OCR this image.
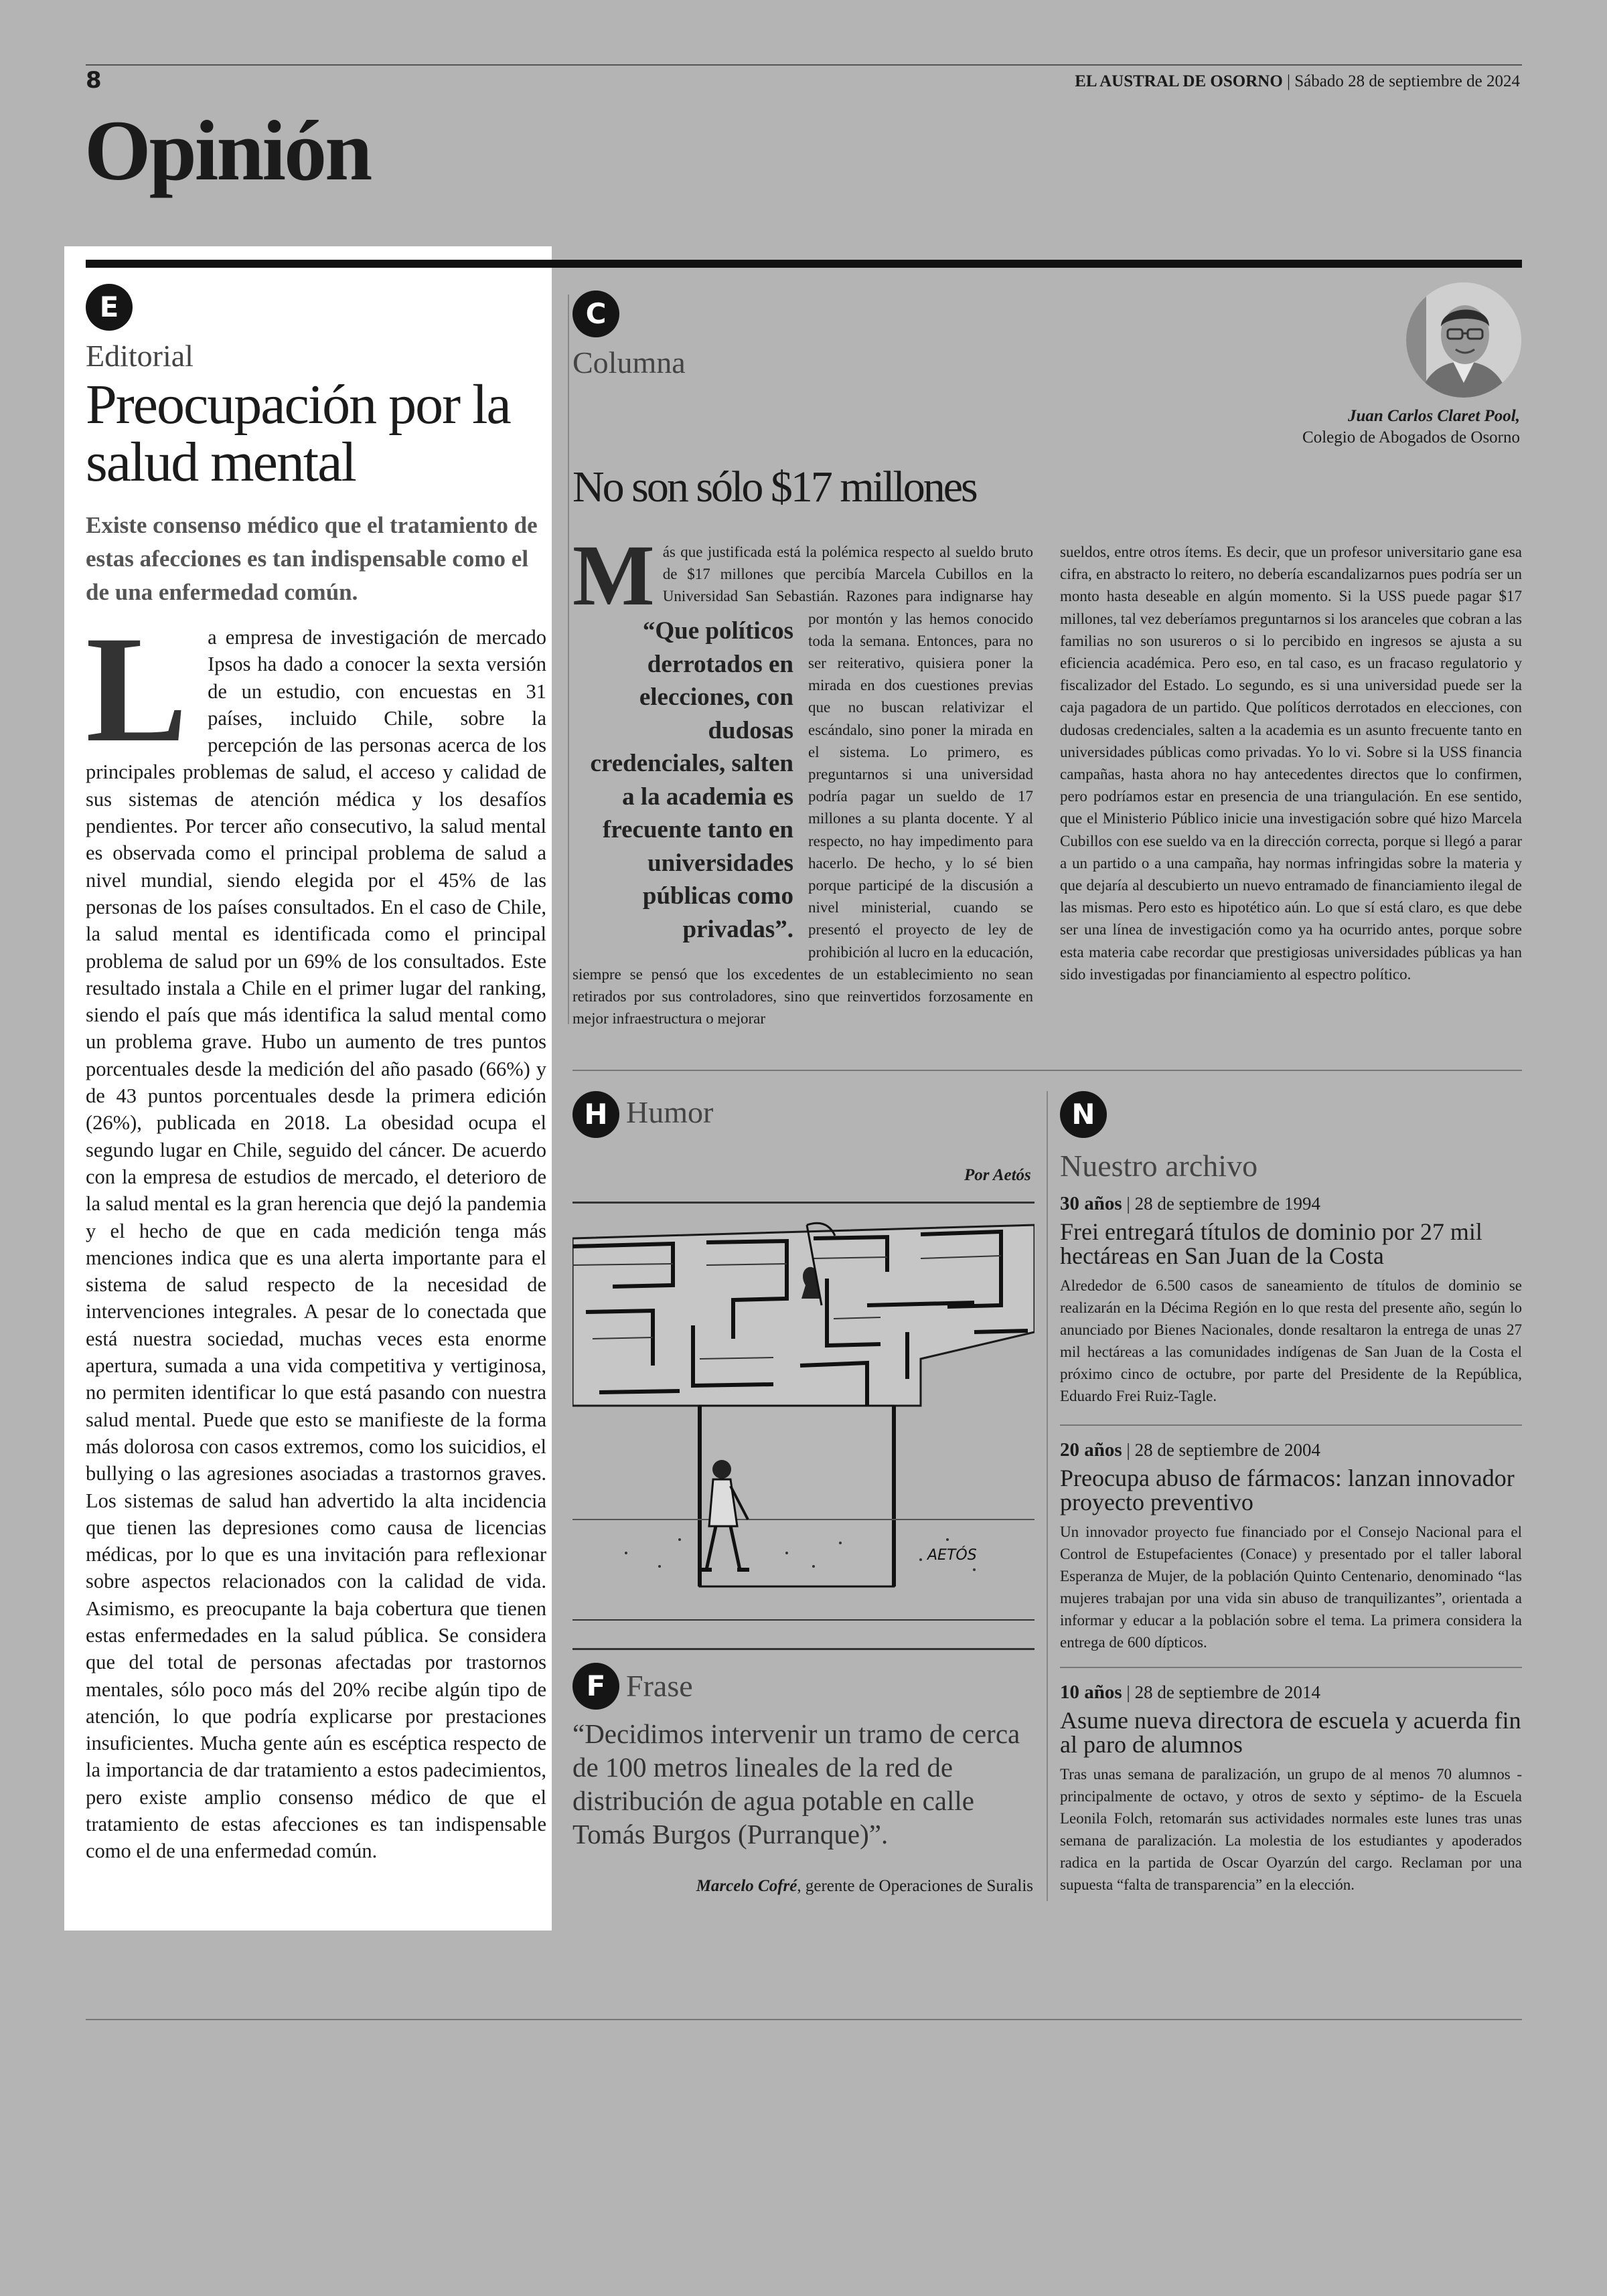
8	EL AUSTRAL DE OSORNO | Sábado 28 de septiembre de 2024
Opinión
E
Editorial
Preocupación por la salud mental
Existe consenso médico que el tratamiento de estas afecciones es tan indispensable como el de una enfermedad común.
L a empresa de investigación de mercado Ipsos ha dado a conocer la sexta versión de un estudio, con encuestas en 31 países, incluido Chile, sobre la percepción de las personas acerca de los principales problemas de salud, el acceso y calidad de sus sistemas de atención médica y los desafíos pendientes. Por tercer año consecutivo, la salud mental es observada como el principal problema de salud a nivel mundial, siendo elegida por el 45% de las personas de los países consultados. En el caso de Chile, la salud mental es identificada como el principal problema de salud por un 69% de los consultados. Este resultado instala a Chile en el primer lugar del ranking, siendo el país que más identifica la salud mental como un problema grave. Hubo un aumento de tres puntos porcentuales desde la medición del año pasado (66%) y de 43 puntos porcentuales desde la primera edición (26%), publicada en 2018. La obesidad ocupa el segundo lugar en Chile, seguido del cáncer. De acuerdo con la empresa de estudios de mercado, el deterioro de la salud mental es la gran herencia que dejó la pandemia y el hecho de que en cada medición tenga más menciones indica que es una alerta importante para el sistema de salud respecto de la necesidad de intervenciones integrales. A pesar de lo conectada que está nuestra sociedad, muchas veces esta enorme apertura, sumada a una vida competitiva y vertiginosa, no permiten identificar lo que está pasando con nuestra salud mental. Puede que esto se manifieste de la forma más dolorosa con casos extremos, como los suicidios, el bullying o las agresiones asociadas a trastornos graves. Los sistemas de salud han advertido la alta incidencia que tienen las depresiones como causa de licencias médicas, por lo que es una invitación para reflexionar sobre aspectos relacionados con la calidad de vida. Asimismo, es preocupante la baja cobertura que tienen estas enfermedades en la salud pública. Se considera que del total de personas afectadas por trastornos mentales, sólo poco más del 20% recibe algún tipo de atención, lo que podría explicarse por prestaciones insuficientes. Mucha gente aún es escéptica respecto de la importancia de dar tratamiento a estos padecimientos, pero existe amplio consenso médico de que el tratamiento de estas afecciones es tan indispensable como el de una enfermedad común.
C
Columna
Juan Carlos Claret Pool,
Colegio de Abogados de Osorno
No son sólo $17 millones
M
“Que políticos derrotados en elecciones, con dudosas credenciales, salten a la academia es frecuente tanto en universidades públicas como privadas”.
ás que justificada está la polémica respecto al sueldo bruto de $17 millones que percibía Marcela Cubillos en la Universidad San Sebastián. Razones para indignarse hay por montón y las hemos conocido toda la semana. Entonces, para no ser reiterativo, quisiera poner la mirada en dos cuestiones previas que no buscan relativizar el escándalo, sino poner la mirada en el sistema. Lo primero, es preguntarnos si una universidad podría pagar un sueldo de 17 millones a su planta docente. Y al respecto, no hay impedimento para hacerlo. De hecho, y lo sé bien porque participé de la discusión a nivel ministerial, cuando se presentó el proyecto de ley de prohibición al lucro en la educación, siempre se pensó que los excedentes de un establecimiento no sean retirados por sus controladores, sino que reinvertidos forzosamente en mejor infraestructura o mejorar
sueldos, entre otros ítems. Es decir, que un profesor universitario gane esa cifra, en abstracto lo reitero, no debería escandalizarnos pues podría ser un monto hasta deseable en algún momento. Si la USS puede pagar $17 millones, tal vez deberíamos preguntarnos si los aranceles que cobran a las familias no son usureros o si lo percibido en ingresos se ajusta a su eficiencia académica. Pero eso, en tal caso, es un fracaso regulatorio y fiscalizador del Estado. Lo segundo, es si una universidad puede ser la caja pagadora de un partido. Que políticos derrotados en elecciones, con dudosas credenciales, salten a la academia es un asunto frecuente tanto en universidades públicas como privadas. Yo lo vi. Sobre si la USS financia campañas, hasta ahora no hay antecedentes directos que lo confirmen, pero podríamos estar en presencia de una triangulación. En ese sentido, que el Ministerio Público inicie una investigación sobre qué hizo Marcela Cubillos con ese sueldo va en la dirección correcta, porque si llegó a parar a un partido o a una campaña, hay normas infringidas sobre la materia y que dejaría al descubierto un nuevo entramado de financiamiento ilegal de las mismas. Pero esto es hipotético aún. Lo que sí está claro, es que debe ser una línea de investigación como ya ha ocurrido antes, porque sobre esta materia cabe recordar que prestigiosas universidades públicas ya han sido investigadas por financiamiento al espectro político.
H Humor
Por Aetós
AETÓS
F Frase
“Decidimos intervenir un tramo de cerca de 100 metros lineales de la red de distribución de agua potable en calle Tomás Burgos (Purranque)”.
Marcelo Cofré, gerente de Operaciones de Suralis
N
Nuestro archivo
30 años | 28 de septiembre de 1994
Frei entregará títulos de dominio por 27 mil hectáreas en San Juan de la Costa
Alrededor de 6.500 casos de saneamiento de títulos de dominio se realizarán en la Décima Región en lo que resta del presente año, según lo anunciado por Bienes Nacionales, donde resaltaron la entrega de unas 27 mil hectáreas a las comunidades indígenas de San Juan de la Costa el próximo cinco de octubre, por parte del Presidente de la República, Eduardo Frei Ruiz-Tagle.
20 años | 28 de septiembre de 2004
Preocupa abuso de fármacos: lanzan innovador proyecto preventivo
Un innovador proyecto fue financiado por el Consejo Nacional para el Control de Estupefacientes (Conace) y presentado por el taller laboral Esperanza de Mujer, de la población Quinto Centenario, denominado “las mujeres trabajan por una vida sin abuso de tranquilizantes”, orientada a informar y educar a la población sobre el tema. La primera considera la entrega de 600 dípticos.
10 años | 28 de septiembre de 2014
Asume nueva directora de escuela y acuerda fin al paro de alumnos
Tras unas semana de paralización, un grupo de al menos 70 alumnos -principalmente de octavo, y otros de sexto y séptimo- de la Escuela Leonila Folch, retomarán sus actividades normales este lunes tras unas semana de paralización. La molestia de los estudiantes y apoderados radica en la partida de Oscar Oyarzún del cargo. Reclaman por una supuesta “falta de transparencia” en la elección.
